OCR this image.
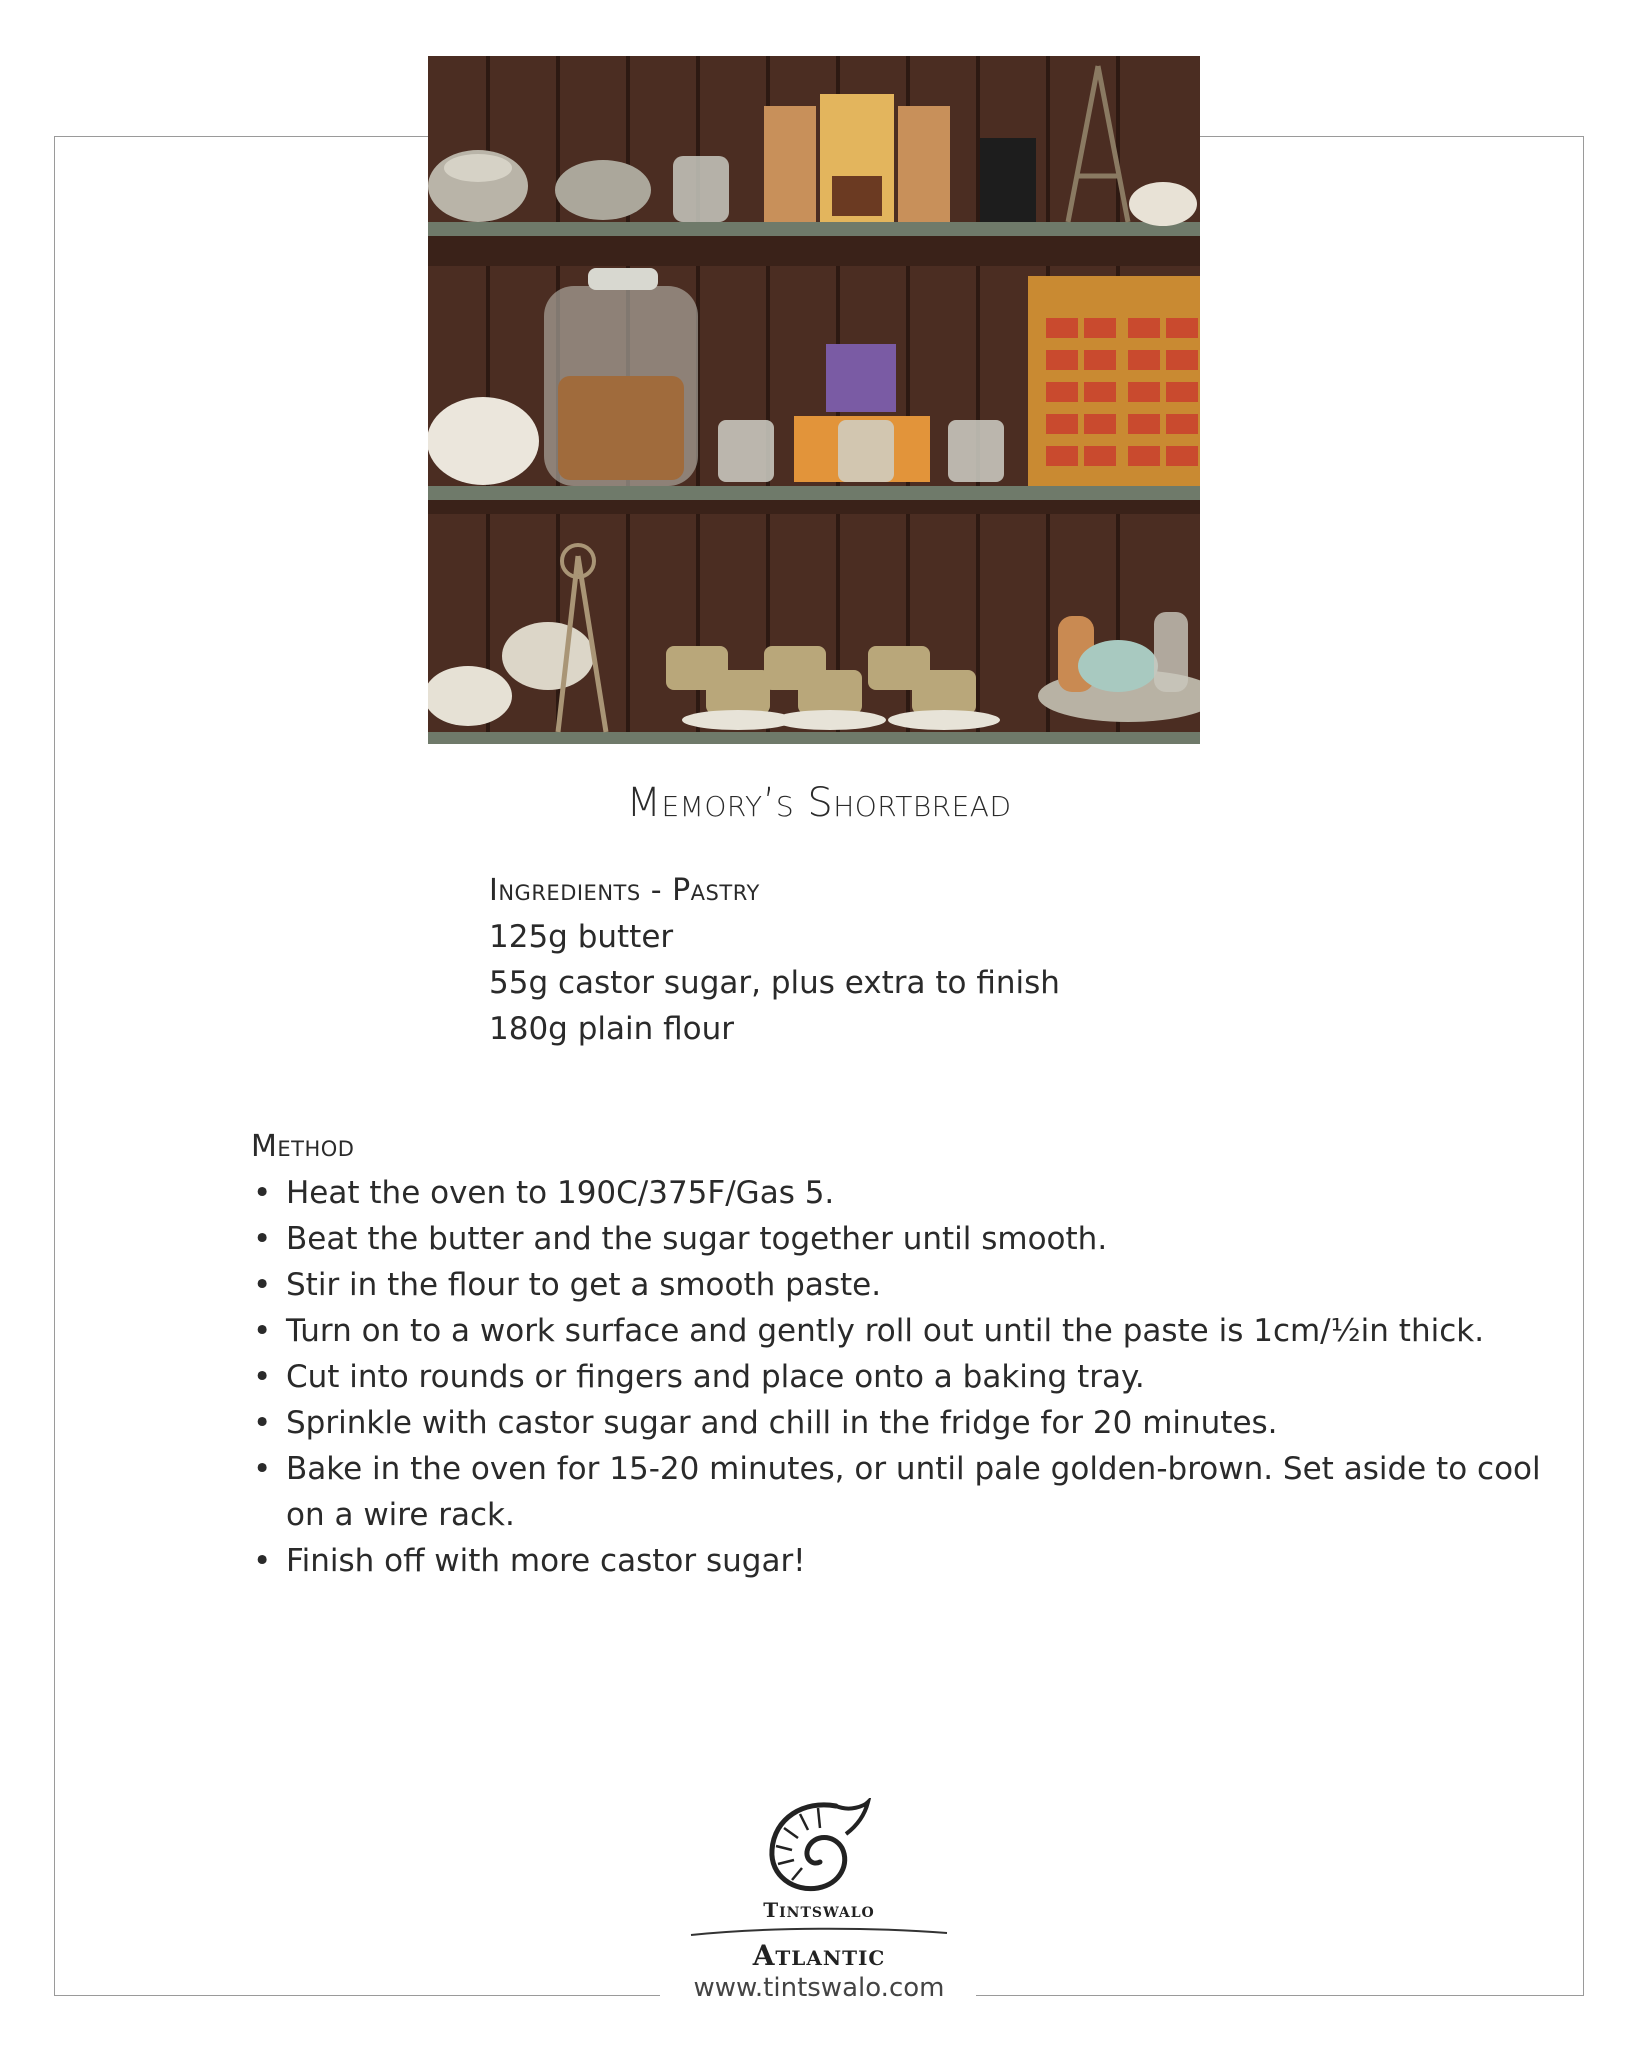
Memory’s Shortbread
Ingredients - Pastry
125g butter
55g castor sugar, plus extra to finish
180g plain flour
Method
• Heat the oven to 190C/375F/Gas 5.
• Beat the butter and the sugar together until smooth.
• Stir in the flour to get a smooth paste.
• Turn on to a work surface and gently roll out until the paste is 1cm/½in thick.
• Cut into rounds or fingers and place onto a baking tray.
• Sprinkle with castor sugar and chill in the fridge for 20 minutes.
• Bake in the oven for 15-20 minutes, or until pale golden-brown. Set aside to cool on a wire rack.
• Finish off with more castor sugar!
Tintswalo
Atlantic
www.tintswalo.com
